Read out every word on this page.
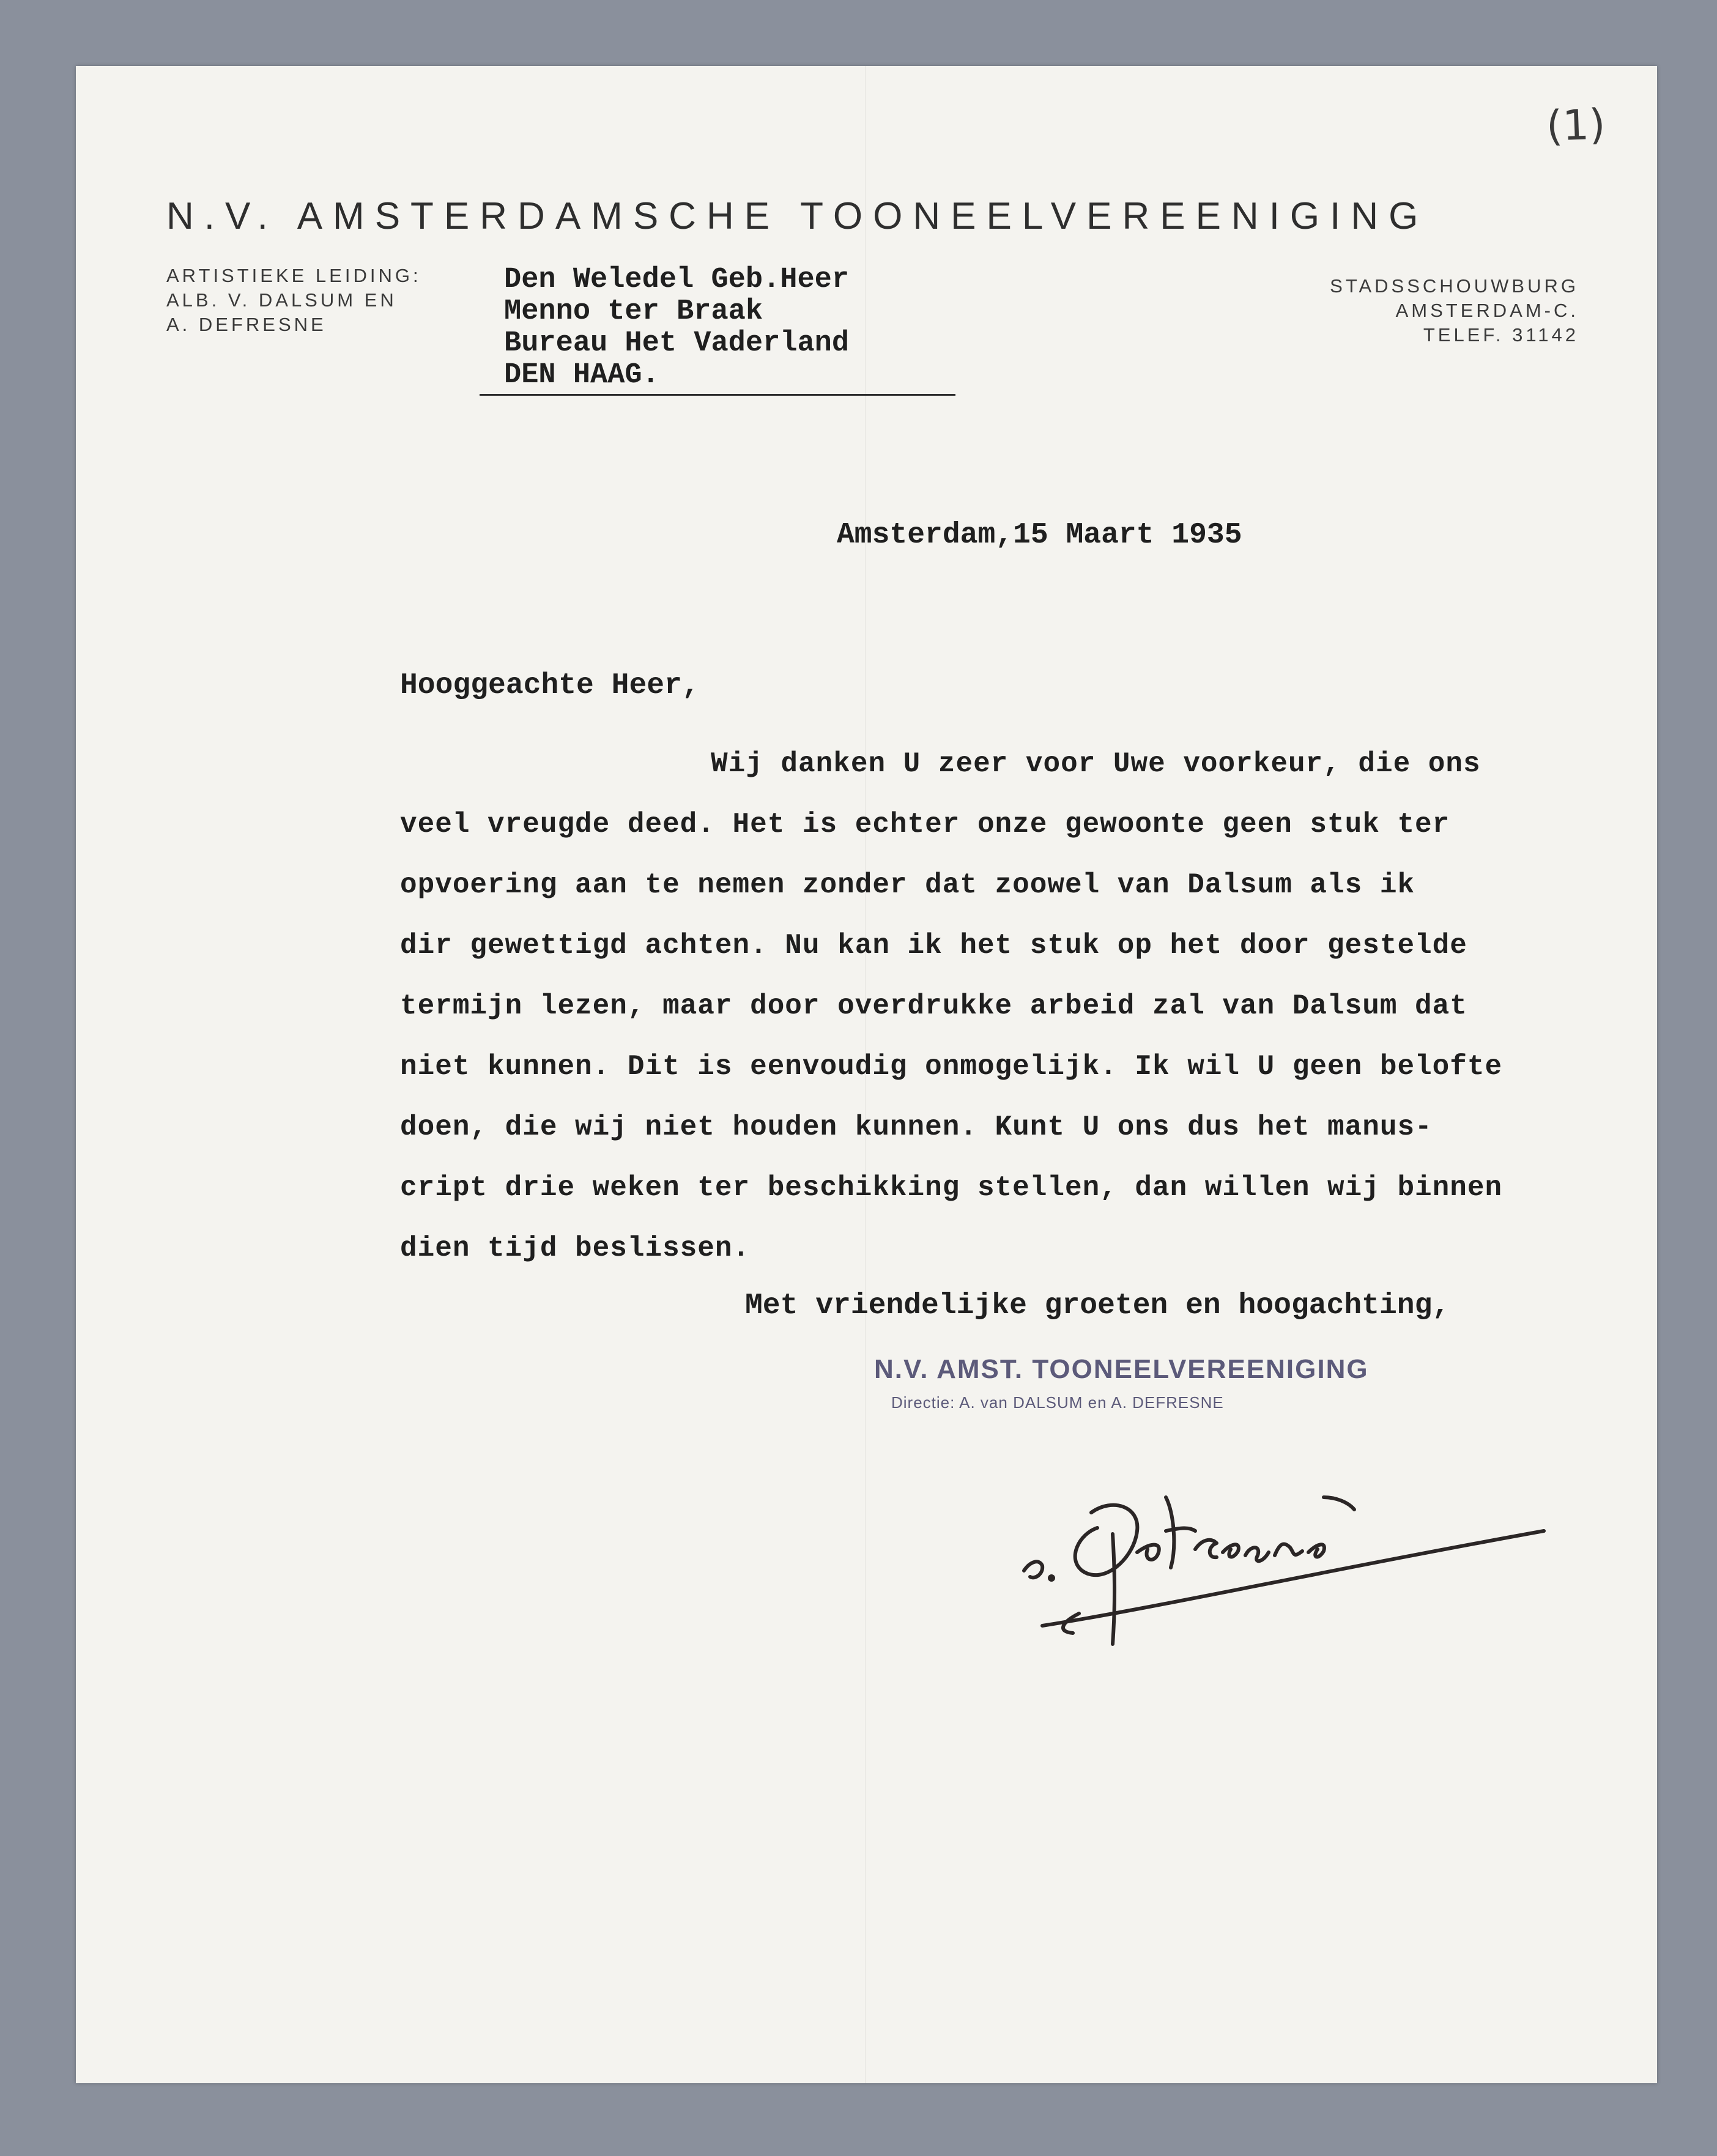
(1)
N.V. AMSTERDAMSCHE TOONEELVEREENIGING
ARTISTIEKE LEIDING:
ALB. V. DALSUM EN
A. DEFRESNE
STADSSCHOUWBURG
AMSTERDAM-C.
TELEF. 31142
Den Weledel Geb.Heer
Menno ter Braak
Bureau Het Vaderland
DEN HAAG.
Amsterdam,15 Maart 1935
Hooggeachte Heer,
Wij danken U zeer voor Uwe voorkeur, die ons
veel vreugde deed. Het is echter onze gewoonte geen stuk ter
opvoering aan te nemen zonder dat zoowel van Dalsum als ik
dir gewettigd achten. Nu kan ik het stuk op het door gestelde
termijn lezen, maar door overdrukke arbeid zal van Dalsum dat
niet kunnen. Dit is eenvoudig onmogelijk. Ik wil U geen belofte
doen, die wij niet houden kunnen. Kunt U ons dus het manus-
cript drie weken ter beschikking stellen, dan willen wij binnen
dien tijd beslissen.
Met vriendelijke groeten en hoogachting,
N.V. AMST. TOONEELVEREENIGING
Directie: A. van DALSUM en A. DEFRESNE
